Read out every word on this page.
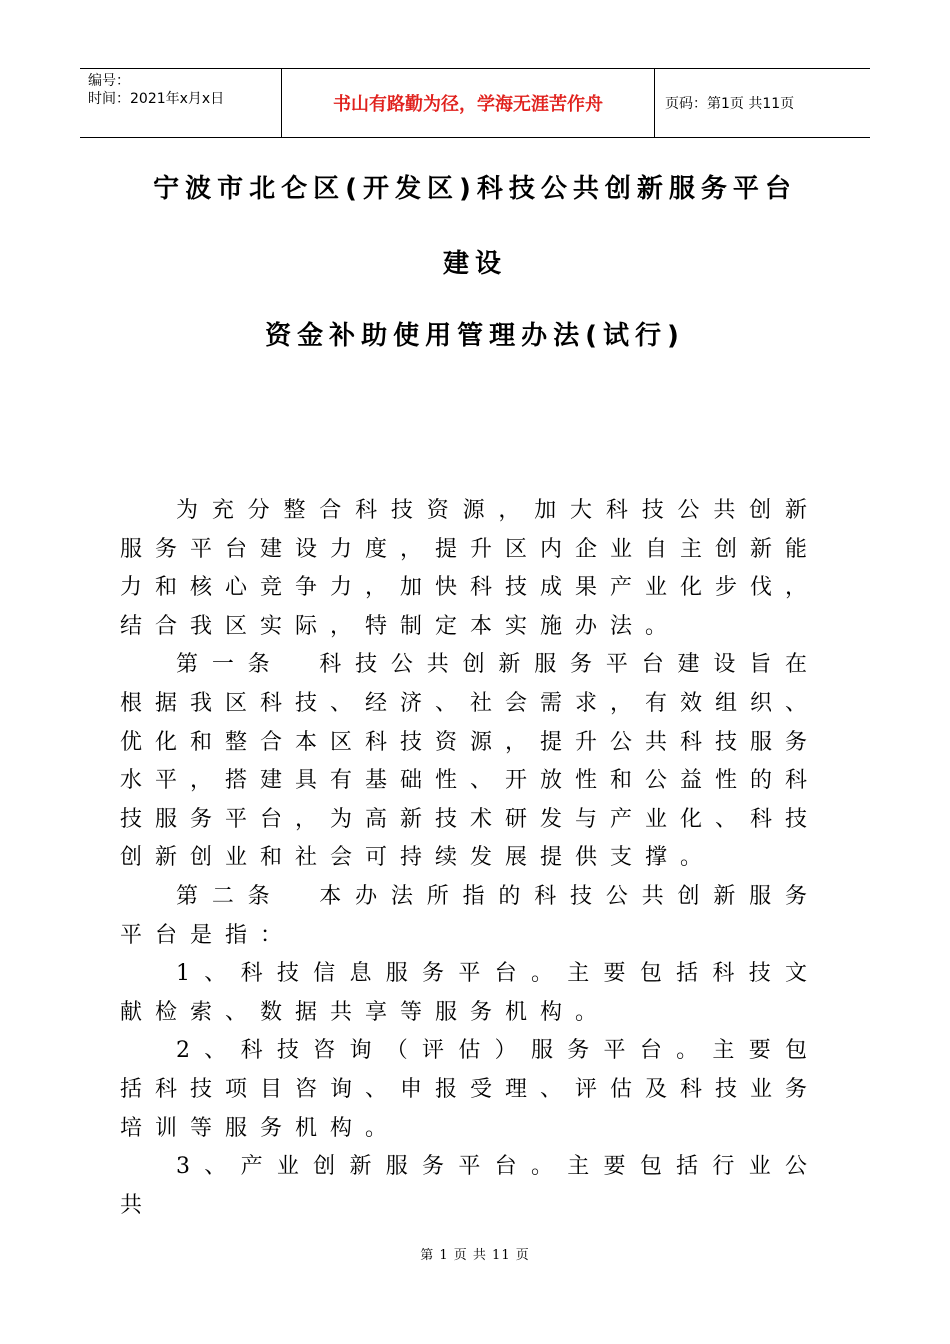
编号：
时间：2021年x月x日	书山有路勤为径，学海无涯苦作舟	页码：第1页 共11页
宁波市北仑区(开发区)科技公共创新服务平台
建设
资金补助使用管理办法(试行)

为充分整合科技资源，加大科技公共创新服务平台建设力度，提升区内企业自主创新能力和核心竞争力，加快科技成果产业化步伐，结合我区实际，特制定本实施办法。

第一条　科技公共创新服务平台建设旨在根据我区科技、经济、社会需求，有效组织、优化和整合本区科技资源，提升公共科技服务水平，搭建具有基础性、开放性和公益性的科技服务平台，为高新技术研发与产业化、科技创新创业和社会可持续发展提供支撑。

第二条　本办法所指的科技公共创新服务平台是指：

1、科技信息服务平台。主要包括科技文献检索、数据共享等服务机构。

2、科技咨询（评估）服务平台。主要包括科技项目咨询、申报受理、评估及科技业务培训等服务机构。

3、产业创新服务平台。主要包括行业公共

第 1 页 共 11 页
